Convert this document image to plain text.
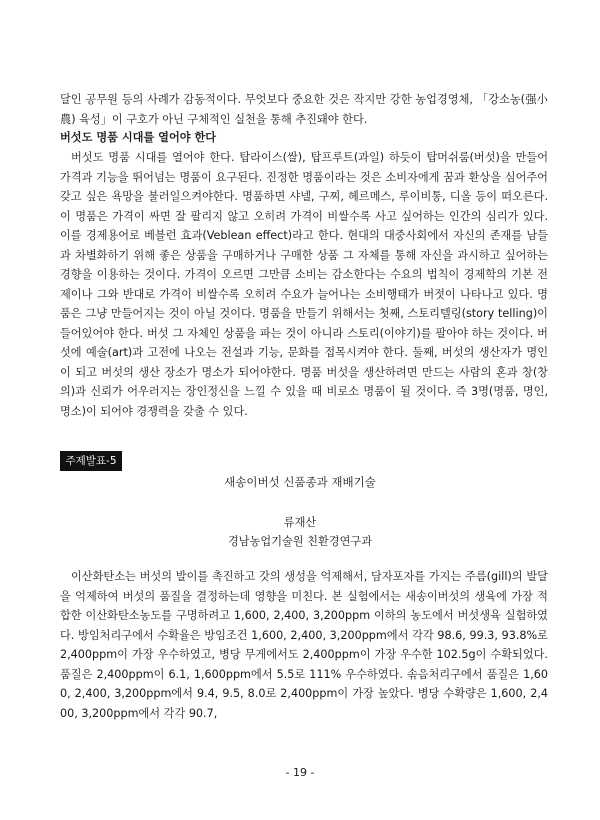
달인 공무원 등의 사례가 감동적이다. 무엇보다 중요한 것은 작지만 강한 농업경영체, 「강소농(强小農) 육성」이 구호가 아닌 구체적인 실천을 통해 추진돼야 한다.

버섯도 명품 시대를 열어야 한다

버섯도 명품 시대를 열어야 한다. 탑라이스(쌀), 탑프루트(과일) 하듯이 탑머쉬룸(버섯)을 만들어 가격과 기능을 뛰어넘는 명품이 요구된다. 진정한 명품이라는 것은 소비자에게 꿈과 환상을 심어주어 갖고 싶은 욕망을 불러일으켜야한다. 명품하면 샤넬, 구찌, 헤르메스, 루이비통, 디올 등이 떠오른다. 이 명품은 가격이 싸면 잘 팔리지 않고 오히려 가격이 비쌀수록 사고 싶어하는 인간의 심리가 있다. 이를 경제용어로 베블런 효과(Veblean effect)라고 한다. 현대의 대중사회에서 자신의 존재를 남들과 차별화하기 위해 좋은 상품을 구매하거나 구매한 상품 그 자체를 통해 자신을 과시하고 싶어하는 경향을 이용하는 것이다. 가격이 오르면 그만큼 소비는 감소한다는 수요의 법칙이 경제학의 기본 전제이나 그와 반대로 가격이 비쌀수록 오히려 수요가 늘어나는 소비행태가 버젓이 나타나고 있다. 명품은 그냥 만들어지는 것이 아닐 것이다. 명품을 만들기 위해서는 첫째, 스토리텔링(story telling)이 들어있어야 한다. 버섯 그 자체인 상품을 파는 것이 아니라 스토리(이야기)를 팔아야 하는 것이다. 버섯에 예술(art)과 고전에 나오는 전설과 기능, 문화를 접목시켜야 한다. 둘째, 버섯의 생산자가 명인이 되고 버섯의 생산 장소가 명소가 되어야한다. 명품 버섯을 생산하려면 만드는 사람의 혼과 창(창의)과 신뢰가 어우러지는 장인정신을 느낄 수 있을 때 비로소 명품이 될 것이다. 즉 3명(명품, 명인, 명소)이 되어야 경쟁력을 갖출 수 있다.

주제발표-5
새송이버섯 신품종과 재배기술
류재산
경남농업기술원 친환경연구과

이산화탄소는 버섯의 발이를 촉진하고 갓의 생성을 억제해서, 담자포자를 가지는 주름(gill)의 발달을 억제하여 버섯의 품질을 결정하는데 영향을 미친다. 본 실험에서는 새송이버섯의 생육에 가장 적합한 이산화탄소농도를 구명하려고 1,600, 2,400, 3,200ppm 이하의 농도에서 버섯생육 실험하였다. 방임처리구에서 수확율은 방임조건 1,600, 2,400, 3,200ppm에서 각각 98.6, 99.3, 93.8%로 2,400ppm이 가장 우수하였고, 병당 무게에서도 2,400ppm이 가장 우수한 102.5g이 수확되었다. 품질은 2,400ppm이 6.1, 1,600ppm에서 5.5로 111% 우수하였다. 솎음처리구에서 품질은 1,600, 2,400, 3,200ppm에서 9.4, 9.5, 8.0로 2,400ppm이 가장 높았다. 병당 수확량은 1,600, 2,400, 3,200ppm에서 각각 90.7,

- 19 -
